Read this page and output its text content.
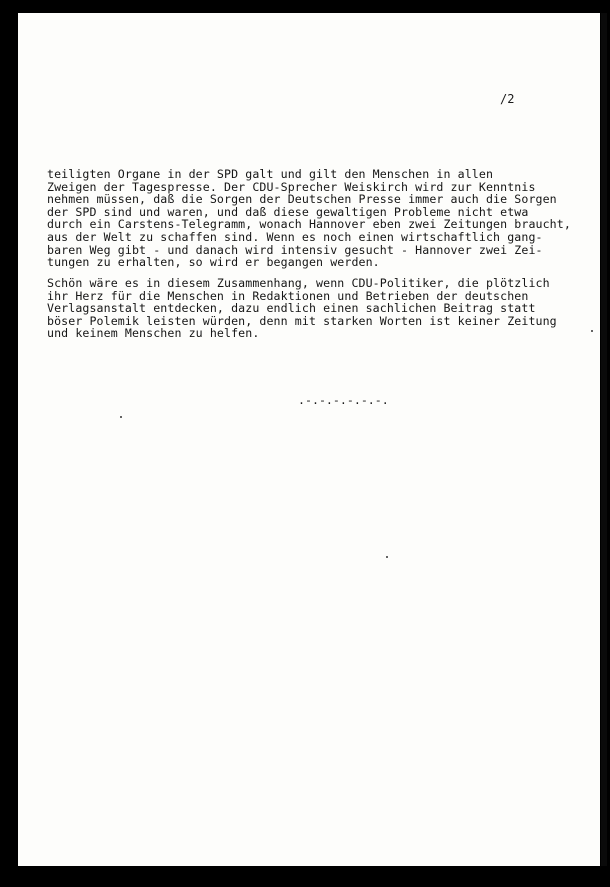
/2

teiligten Organe in der SPD galt und gilt den Menschen in allen

Zweigen der Tagespresse. Der CDU-Sprecher Weiskirch wird zur Kenntnis

nehmen müssen, daß die Sorgen der Deutschen Presse immer auch die Sorgen

der SPD sind und waren, und daß diese gewaltigen Probleme nicht etwa

durch ein Carstens-Telegramm, wonach Hannover eben zwei Zeitungen braucht,

aus der Welt zu schaffen sind. Wenn es noch einen wirtschaftlich gang-

baren Weg gibt - und danach wird intensiv gesucht - Hannover zwei Zei-

tungen zu erhalten, so wird er begangen werden.

Schön wäre es in diesem Zusammenhang, wenn CDU-Politiker, die plötzlich

ihr Herz für die Menschen in Redaktionen und Betrieben der deutschen

Verlagsanstalt entdecken, dazu endlich einen sachlichen Beitrag statt

böser Polemik leisten würden, denn mit starken Worten ist keiner Zeitung

und keinem Menschen zu helfen.

.-.-.-.-.-.-.
